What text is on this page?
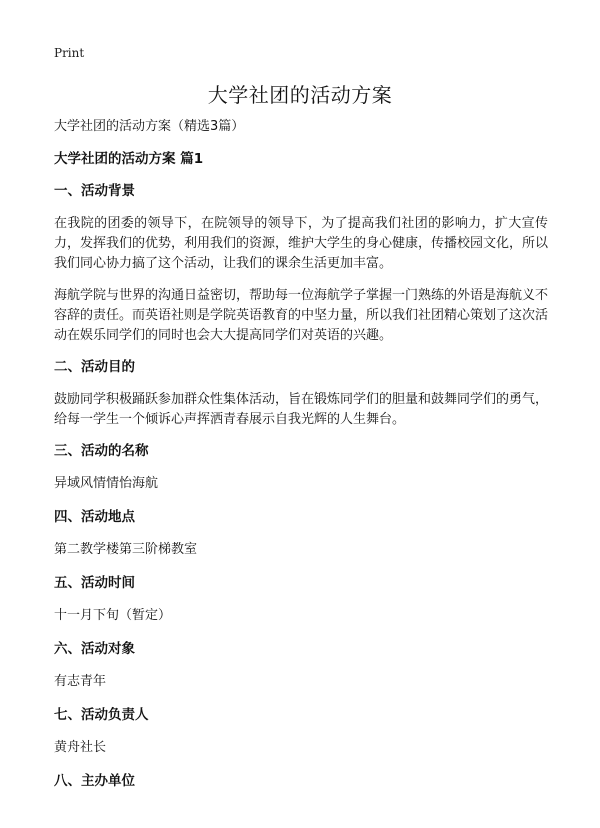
Print
大学社团的活动方案

大学社团的活动方案（精选3篇）

大学社团的活动方案 篇1

一、活动背景

在我院的团委的领导下，在院领导的领导下，为了提高我们社团的影响力，扩大宣传力，发挥我们的优势，利用我们的资源，维护大学生的身心健康，传播校园文化，所以我们同心协力搞了这个活动，让我们的课余生活更加丰富。

海航学院与世界的沟通日益密切，帮助每一位海航学子掌握一门熟练的外语是海航义不容辞的责任。而英语社则是学院英语教育的中坚力量，所以我们社团精心策划了这次活动在娱乐同学们的同时也会大大提高同学们对英语的兴趣。

二、活动目的

鼓励同学积极踊跃参加群众性集体活动，旨在锻炼同学们的胆量和鼓舞同学们的勇气，给每一学生一个倾诉心声挥洒青春展示自我光辉的人生舞台。

三、活动的名称

异域风情情怡海航

四、活动地点

第二教学楼第三阶梯教室

五、活动时间

十一月下旬（暂定）

六、活动对象

有志青年

七、活动负责人

黄舟社长

八、主办单位
